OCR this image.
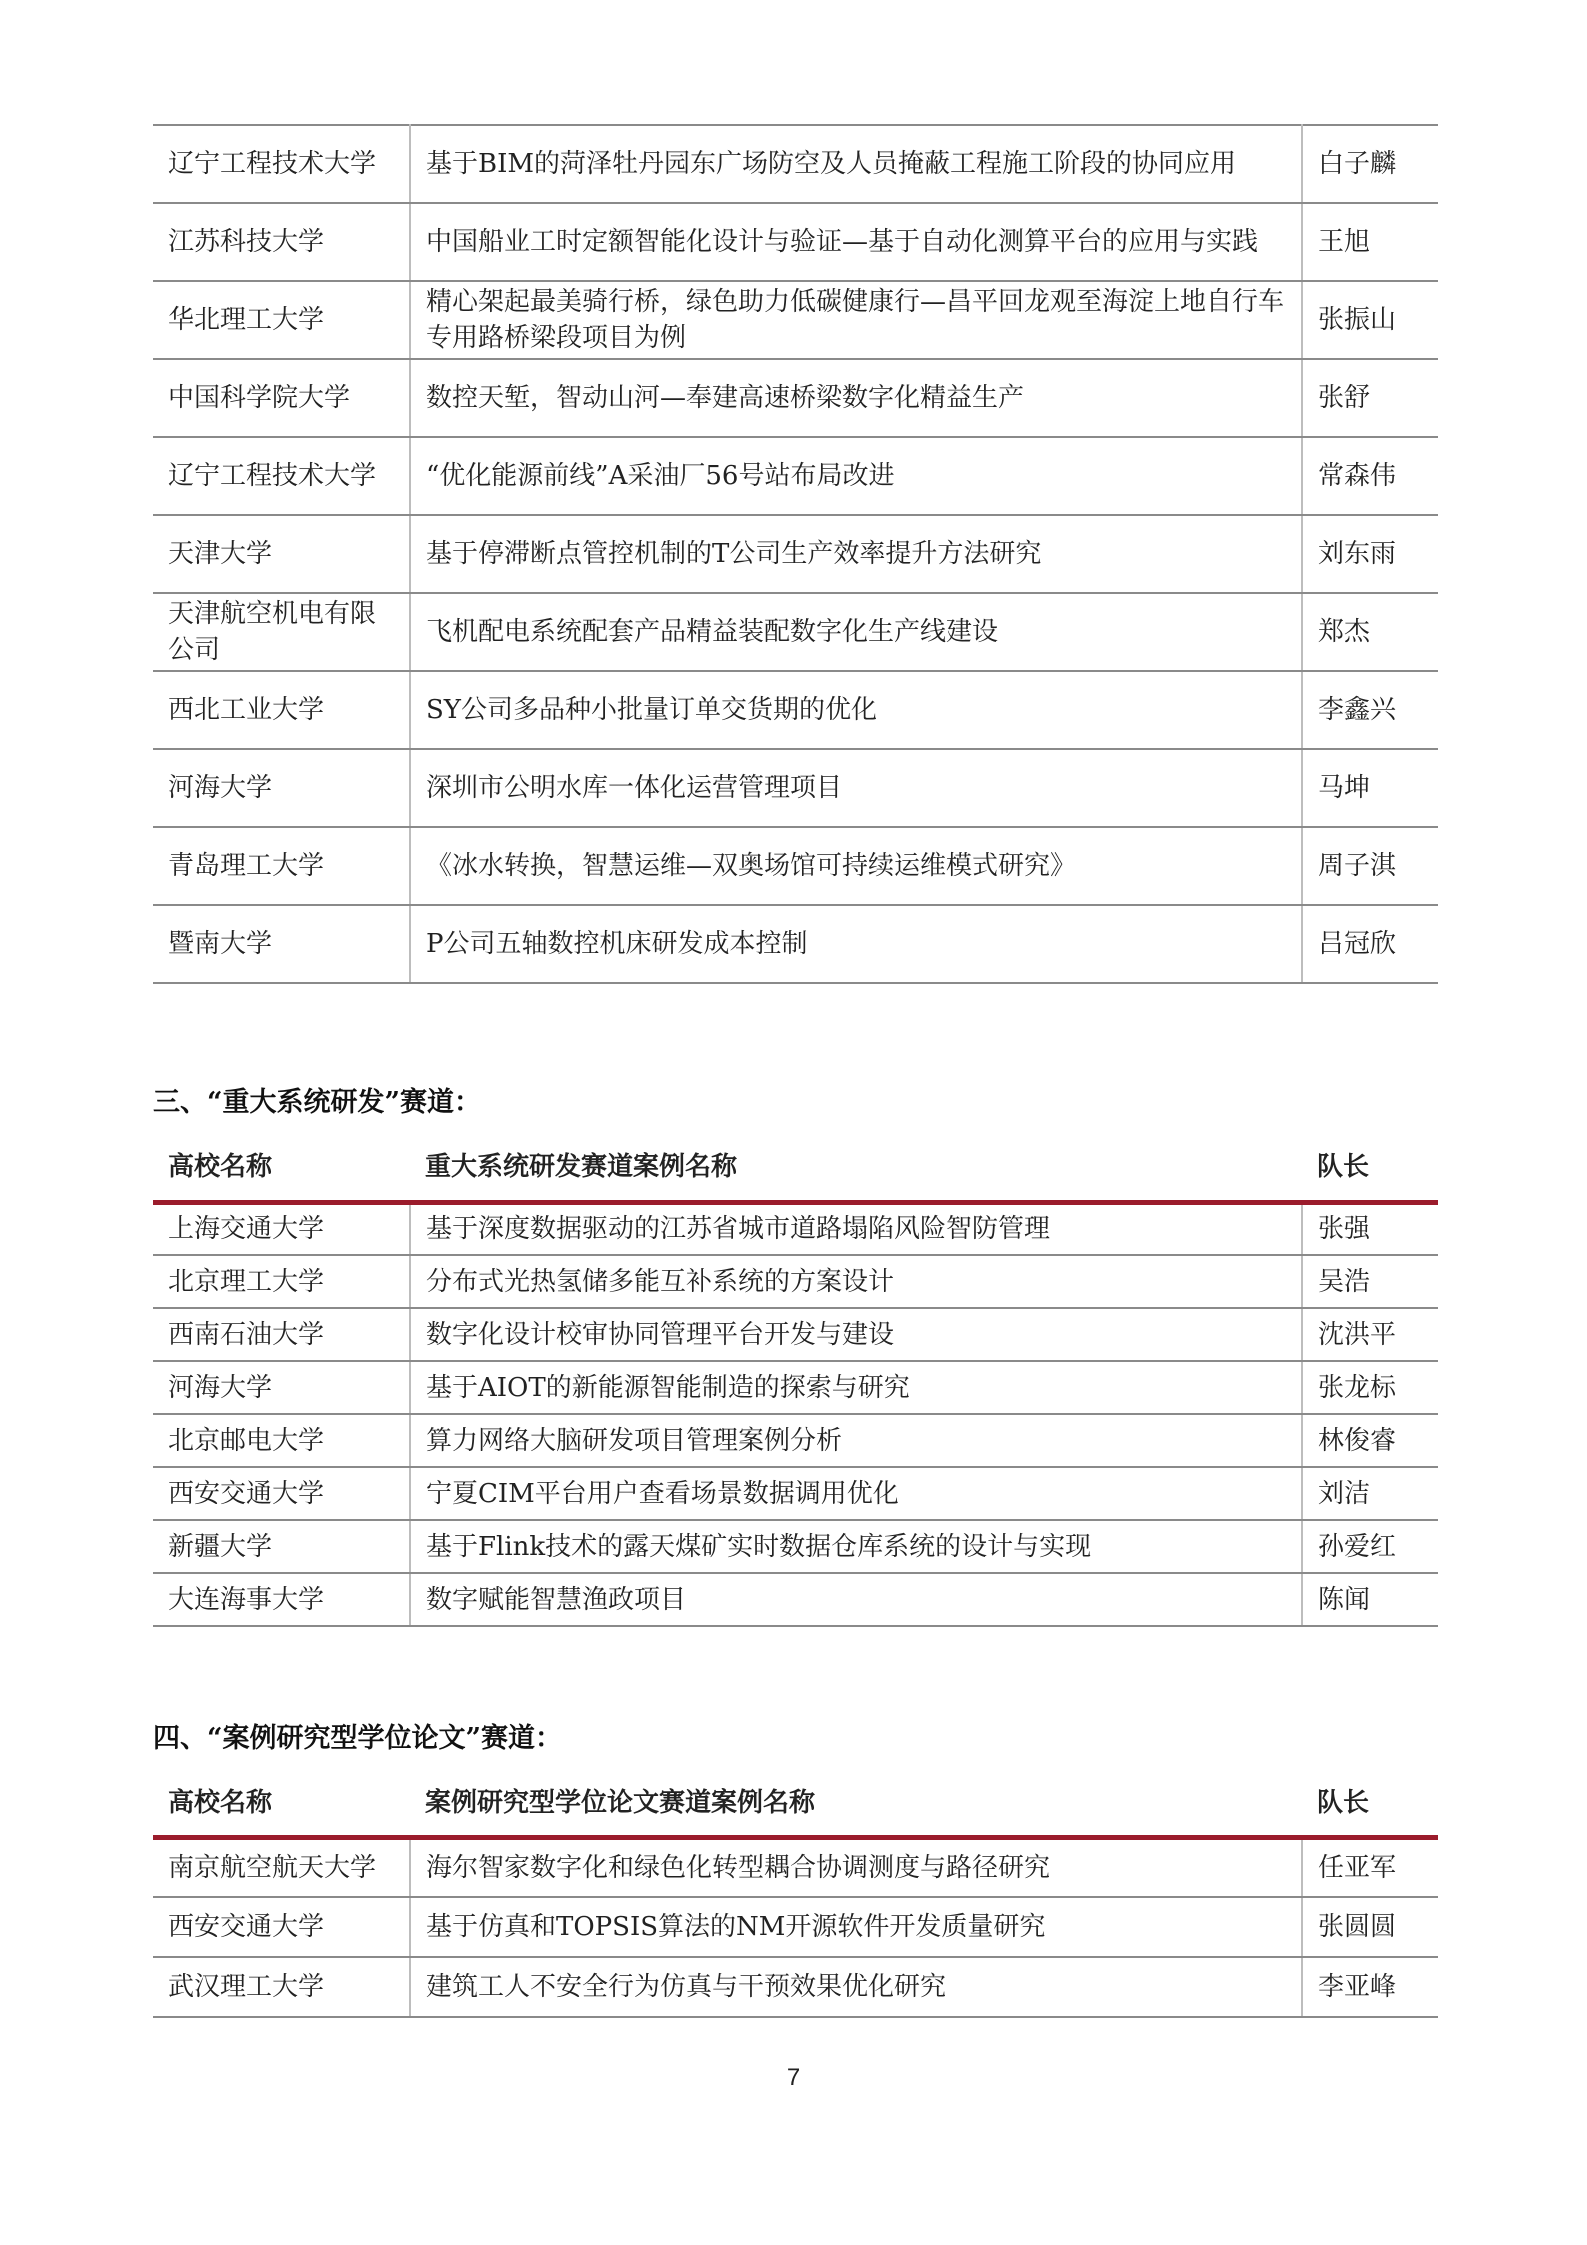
辽宁工程技术大学	基于BIM的菏泽牡丹园东广场防空及人员掩蔽工程施工阶段的协同应用	白子麟
江苏科技大学	中国船业工时定额智能化设计与验证—基于自动化测算平台的应用与实践	王旭
华北理工大学	精心架起最美骑行桥，绿色助力低碳健康行—昌平回龙观至海淀上地自行车专用路桥梁段项目为例	张振山
中国科学院大学	数控天堑，智动山河—奉建高速桥梁数字化精益生产	张舒
辽宁工程技术大学	“优化能源前线”A采油厂56号站布局改进	常森伟
天津大学	基于停滞断点管控机制的T公司生产效率提升方法研究	刘东雨
天津航空机电有限公司	飞机配电系统配套产品精益装配数字化生产线建设	郑杰
西北工业大学	SY公司多品种小批量订单交货期的优化	李鑫兴
河海大学	深圳市公明水库一体化运营管理项目	马坤
青岛理工大学	《冰水转换，智慧运维—双奥场馆可持续运维模式研究》	周子淇
暨南大学	P公司五轴数控机床研发成本控制	吕冠欣
三、“重大系统研发”赛道：
高校名称	重大系统研发赛道案例名称	队长
上海交通大学	基于深度数据驱动的江苏省城市道路塌陷风险智防管理	张强
北京理工大学	分布式光热氢储多能互补系统的方案设计	吴浩
西南石油大学	数字化设计校审协同管理平台开发与建设	沈洪平
河海大学	基于AIOT的新能源智能制造的探索与研究	张龙标
北京邮电大学	算力网络大脑研发项目管理案例分析	林俊睿
西安交通大学	宁夏CIM平台用户查看场景数据调用优化	刘洁
新疆大学	基于Flink技术的露天煤矿实时数据仓库系统的设计与实现	孙爱红
大连海事大学	数字赋能智慧渔政项目	陈闻
四、“案例研究型学位论文”赛道：
高校名称	案例研究型学位论文赛道案例名称	队长
南京航空航天大学	海尔智家数字化和绿色化转型耦合协调测度与路径研究	任亚军
西安交通大学	基于仿真和TOPSIS算法的NM开源软件开发质量研究	张圆圆
武汉理工大学	建筑工人不安全行为仿真与干预效果优化研究	李亚峰
7
